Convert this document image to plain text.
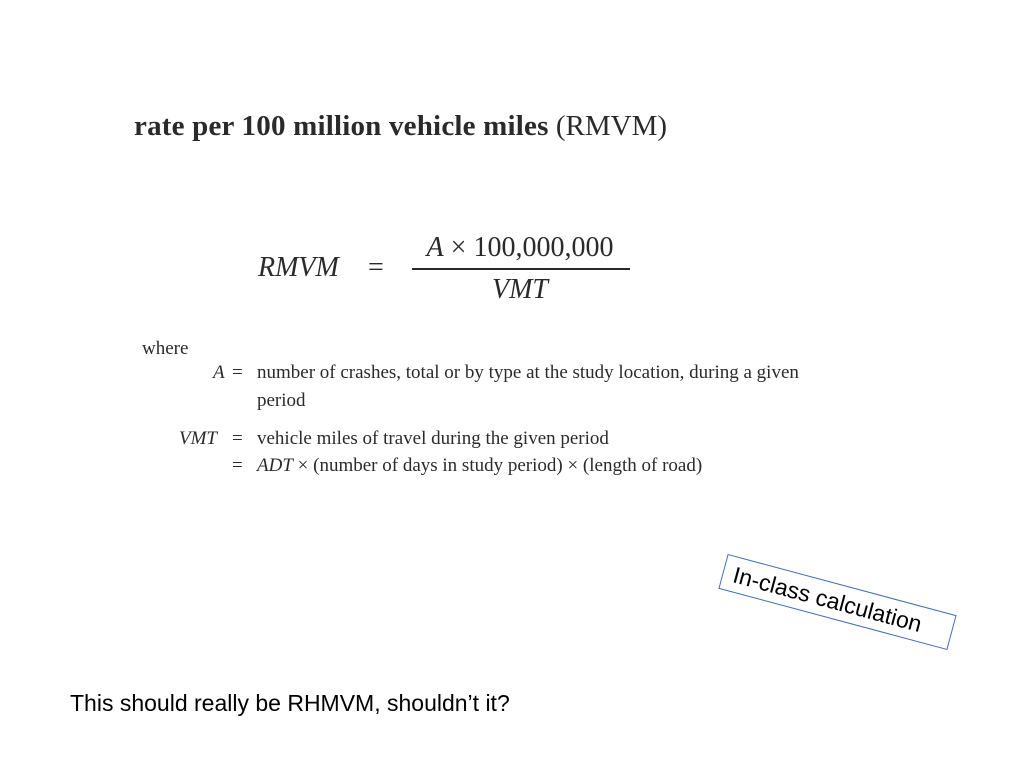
rate per 100 million vehicle miles (RMVM)
RMVM =
A × 100,000,000
VMT
where
A = number of crashes, total or by type at the study location, during a given
period
VMT = vehicle miles of travel during the given period
= ADT × (number of days in study period) × (length of road)
In-class calculation
This should really be RHMVM, shouldn’t it?
